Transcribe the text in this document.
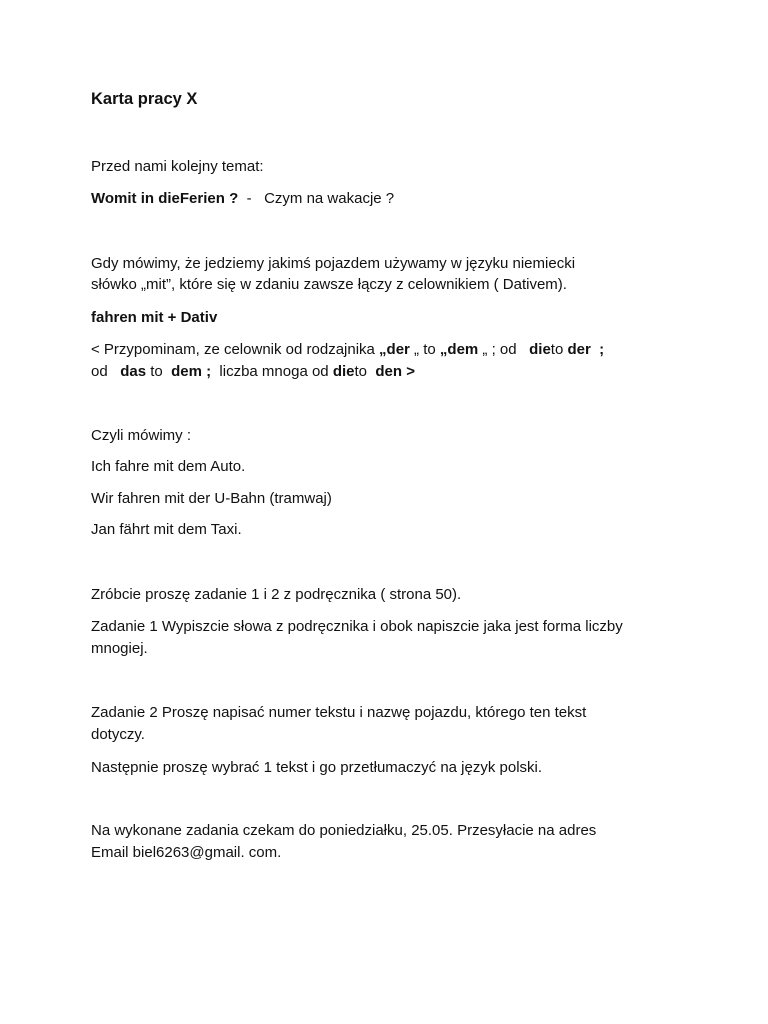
Karta pracy X
Przed nami kolejny temat:
Womit in dieFerien ?  -   Czym na wakacje ?
Gdy mówimy, że jedziemy jakimś pojazdem używamy w języku niemiecki
słówko „mit”, które się w zdaniu zawsze łączy z celownikiem ( Dativem).
fahren mit + Dativ
< Przypominam, ze celownik od rodzajnika „der „ to „dem „ ; od   dieto der  ;
od   das to  dem ;  liczba mnoga od dieto  den >
Czyli mówimy :
Ich fahre mit dem Auto.
Wir fahren mit der U-Bahn (tramwaj)
Jan fährt mit dem Taxi.
Zróbcie proszę zadanie 1 i 2 z podręcznika ( strona 50).
Zadanie 1 Wypiszcie słowa z podręcznika i obok napiszcie jaka jest forma liczby
mnogiej.
Zadanie 2 Proszę napisać numer tekstu i nazwę pojazdu, którego ten tekst
dotyczy.
Następnie proszę wybrać 1 tekst i go przetłumaczyć na język polski.
Na wykonane zadania czekam do poniedziałku, 25.05. Przesyłacie na adres
Email biel6263@gmail. com.
